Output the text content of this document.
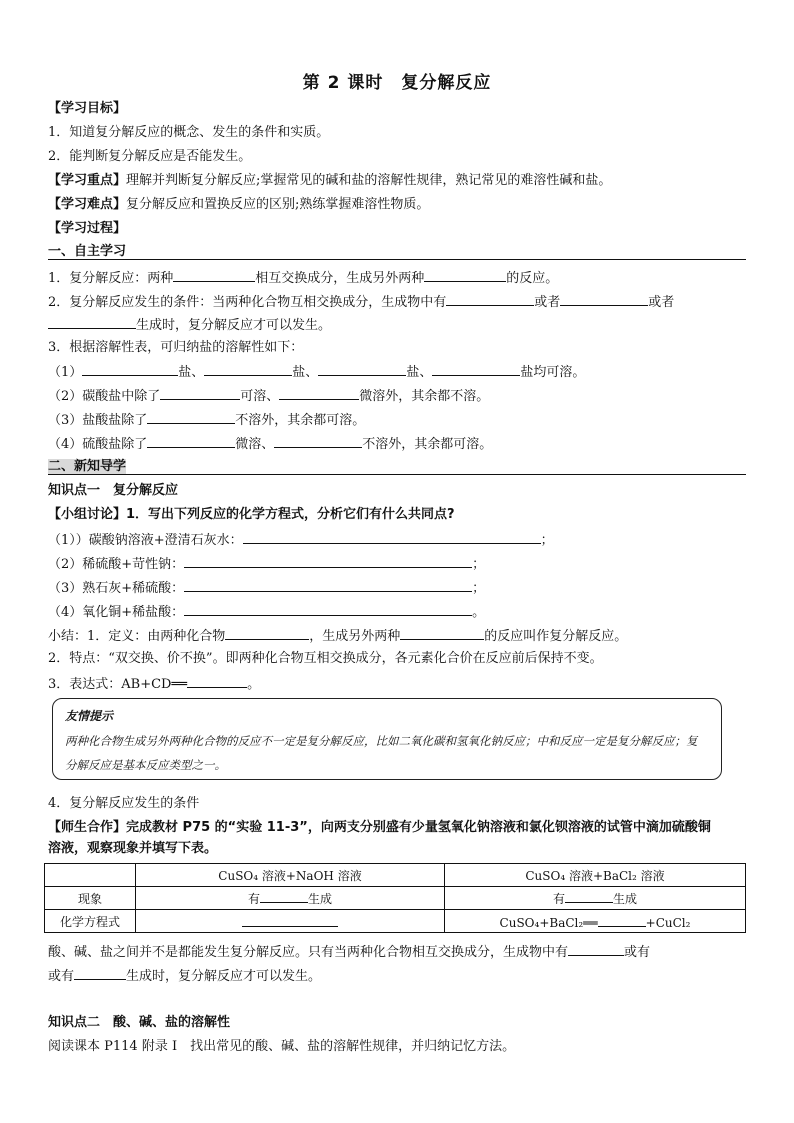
第 2 课时　复分解反应
【学习目标】
1．知道复分解反应的概念、发生的条件和实质。
2．能判断复分解反应是否能发生。
【学习重点】理解并判断复分解反应;掌握常见的碱和盐的溶解性规律，熟记常见的难溶性碱和盐。
【学习难点】复分解反应和置换反应的区别;熟练掌握难溶性物质。
【学习过程】
一、自主学习
1．复分解反应：两种	相互交换成分，生成另外两种	的反应。
2．复分解反应发生的条件：当两种化合物互相交换成分，生成物中有	或者	或者
生成时，复分解反应才可以发生。
3．根据溶解性表，可归纳盐的溶解性如下：
（1）	盐、	盐、	盐、	盐均可溶。
（2）碳酸盐中除了	可溶、	微溶外，其余都不溶。
（3）盐酸盐除了	不溶外，其余都可溶。
（4）硫酸盐除了	微溶、	不溶外，其余都可溶。
二、新知导学
知识点一　复分解反应
【小组讨论】1．写出下列反应的化学方程式，分析它们有什么共同点?
（1））碳酸钠溶液+澄清石灰水：	；
（2）稀硫酸+苛性钠：	；
（3）熟石灰+稀硫酸：	；
（4）氧化铜+稀盐酸：	。
小结：1．定义：由两种化合物	，生成另外两种	的反应叫作复分解反应。
2．特点：“双交换、价不换”。即两种化合物互相交换成分，各元素化合价在反应前后保持不变。
3．表达式：AB+CD══	。
友情提示
两种化合物生成另外两种化合物的反应不一定是复分解反应，比如二氧化碳和氢氧化钠反应；中和反应一定是复分解反应；复分解反应是基本反应类型之一。
4．复分解反应发生的条件
【师生合作】完成教材 P75 的“实验 11-3”，向两支分别盛有少量氢氧化钠溶液和氯化钡溶液的试管中滴加硫酸铜
溶液，观察现象并填写下表。
	CuSO₄ 溶液+NaOH 溶液	CuSO₄ 溶液+BaCl₂ 溶液
现象	有 生成	有 生成
化学方程式		CuSO₄+BaCl₂══ +CuCl₂
酸、碱、盐之间并不是都能发生复分解反应。只有当两种化合物相互交换成分，生成物中有	或有
或有	生成时，复分解反应才可以发生。
知识点二　酸、碱、盐的溶解性
阅读课本 P114 附录 Ⅰ　找出常见的酸、碱、盐的溶解性规律，并归纳记忆方法。
